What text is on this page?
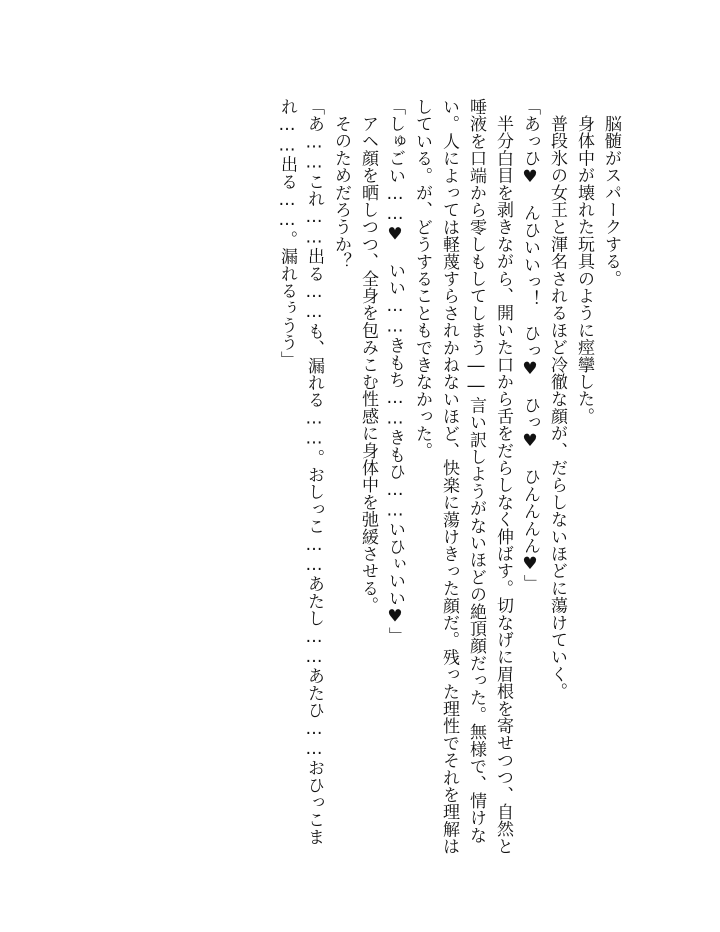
脳髄がスパークする。

身体中が壊れた玩具のように痙攣した。

普段氷の女王と渾名されるほど冷徹な顔が、だらしないほどに蕩けていく。

「あっひ♥　んひいいっ！　ひっ♥　ひっ♥　ひんんんん♥」

半分白目を剥きながら、開いた口から舌をだらしなく伸ばす。切なげに眉根を寄せつつ、自然と唾液を口端から零しもしてしまう――言い訳しようがないほどの絶頂顔だった。無様で、情けない。人によっては軽蔑すらされかねないほど、快楽に蕩けきった顔だ。残った理性でそれを理解はしている。が、どうすることもできなかった。

「しゅごい……♥　いい……きもち……きもひ……いひぃいい♥」

アヘ顔を晒しつつ、全身を包みこむ性感に身体中を弛緩させる。

そのためだろうか？

「あ……これ……出る……も、漏れる……。おしっこ……あたし……あたひ……おひっこまれ……出る……。漏れるぅうう」
